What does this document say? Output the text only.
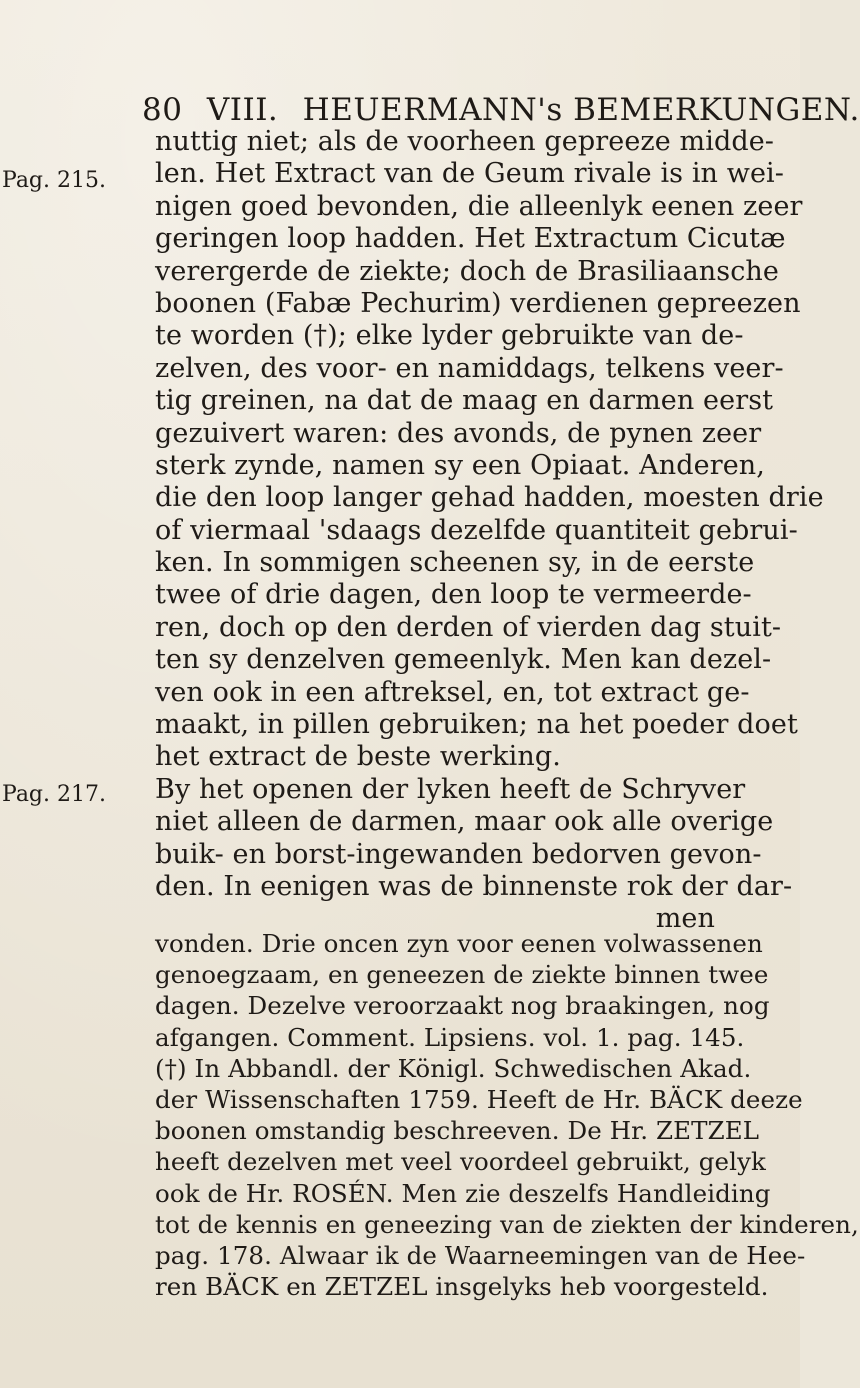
80 VIII. HEUERMANN's BEMERKUNGEN.
Pag. 215.
Pag. 217.
nuttig niet; als de voorheen gepreeze midde-
len. Het Extract van de Geum rivale is in wei-
nigen goed bevonden, die alleenlyk eenen zeer
geringen loop hadden. Het Extractum Cicutæ
verergerde de ziekte; doch de Brasiliaansche
boonen (Fabæ Pechurim) verdienen gepreezen
te worden (†); elke lyder gebruikte van de-
zelven, des voor- en namiddags, telkens veer-
tig greinen, na dat de maag en darmen eerst
gezuivert waren: des avonds, de pynen zeer
sterk zynde, namen sy een Opiaat. Anderen,
die den loop langer gehad hadden, moesten drie
of viermaal 'sdaags dezelfde quantiteit gebrui-
ken. In sommigen scheenen sy, in de eerste
twee of drie dagen, den loop te vermeerde-
ren, doch op den derden of vierden dag stuit-
ten sy denzelven gemeenlyk. Men kan dezel-
ven ook in een aftreksel, en, tot extract ge-
maakt, in pillen gebruiken; na het poeder doet
het extract de beste werking.
By het openen der lyken heeft de Schryver
niet alleen de darmen, maar ook alle overige
buik- en borst-ingewanden bedorven gevon-
den. In eenigen was de binnenste rok der dar-
men
vonden. Drie oncen zyn voor eenen volwassenen
genoegzaam, en geneezen de ziekte binnen twee
dagen. Dezelve veroorzaakt nog braakingen, nog
afgangen. Comment. Lipsiens. vol. 1. pag. 145.
(†) In Abbandl. der Königl. Schwedischen Akad.
der Wissenschaften 1759. Heeft de Hr. BÄCK deeze
boonen omstandig beschreeven. De Hr. ZETZEL
heeft dezelven met veel voordeel gebruikt, gelyk
ook de Hr. ROSÉN. Men zie deszelfs Handleiding
tot de kennis en geneezing van de ziekten der kinderen,
pag. 178. Alwaar ik de Waarneemingen van de Hee-
ren BÄCK en ZETZEL insgelyks heb voorgesteld.
